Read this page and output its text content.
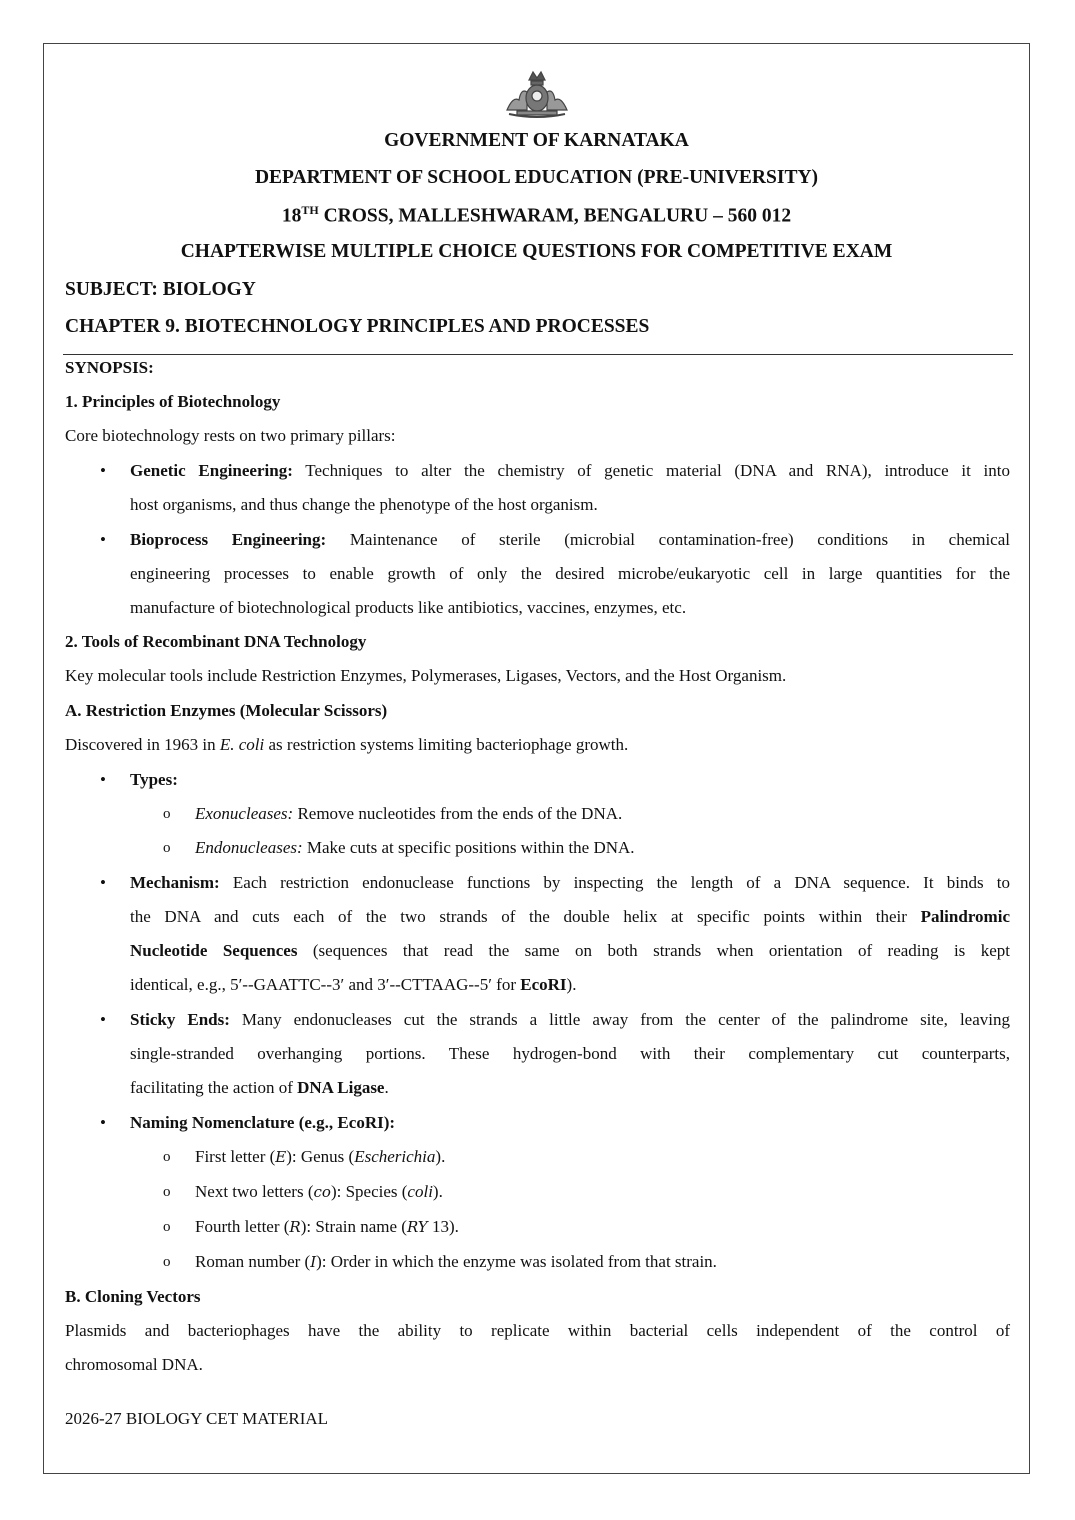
GOVERNMENT OF KARNATAKA
DEPARTMENT OF SCHOOL EDUCATION (PRE-UNIVERSITY)
18TH CROSS, MALLESHWARAM, BENGALURU – 560 012
CHAPTERWISE MULTIPLE CHOICE QUESTIONS FOR COMPETITIVE EXAM
SUBJECT: BIOLOGY
CHAPTER 9. BIOTECHNOLOGY PRINCIPLES AND PROCESSES
SYNOPSIS:
1. Principles of Biotechnology
Core biotechnology rests on two primary pillars:
• Genetic Engineering: Techniques to alter the chemistry of genetic material (DNA and RNA), introduce it into
host organisms, and thus change the phenotype of the host organism.
• Bioprocess Engineering: Maintenance of sterile (microbial contamination-free) conditions in chemical
engineering processes to enable growth of only the desired microbe/eukaryotic cell in large quantities for the
manufacture of biotechnological products like antibiotics, vaccines, enzymes, etc.
2. Tools of Recombinant DNA Technology
Key molecular tools include Restriction Enzymes, Polymerases, Ligases, Vectors, and the Host Organism.
A. Restriction Enzymes (Molecular Scissors)
Discovered in 1963 in E. coli as restriction systems limiting bacteriophage growth.
• Types:
o Exonucleases: Remove nucleotides from the ends of the DNA.
o Endonucleases: Make cuts at specific positions within the DNA.
• Mechanism: Each restriction endonuclease functions by inspecting the length of a DNA sequence. It binds to
the DNA and cuts each of the two strands of the double helix at specific points within their Palindromic
Nucleotide Sequences (sequences that read the same on both strands when orientation of reading is kept
identical, e.g., 5′--GAATTC--3′ and 3′--CTTAAG--5′ for EcoRI).
• Sticky Ends: Many endonucleases cut the strands a little away from the center of the palindrome site, leaving
single-stranded overhanging portions. These hydrogen-bond with their complementary cut counterparts,
facilitating the action of DNA Ligase.
• Naming Nomenclature (e.g., EcoRI):
o First letter (E): Genus (Escherichia).
o Next two letters (co): Species (coli).
o Fourth letter (R): Strain name (RY 13).
o Roman number (I): Order in which the enzyme was isolated from that strain.
B. Cloning Vectors
Plasmids and bacteriophages have the ability to replicate within bacterial cells independent of the control of
chromosomal DNA.
2026-27 BIOLOGY CET MATERIAL
